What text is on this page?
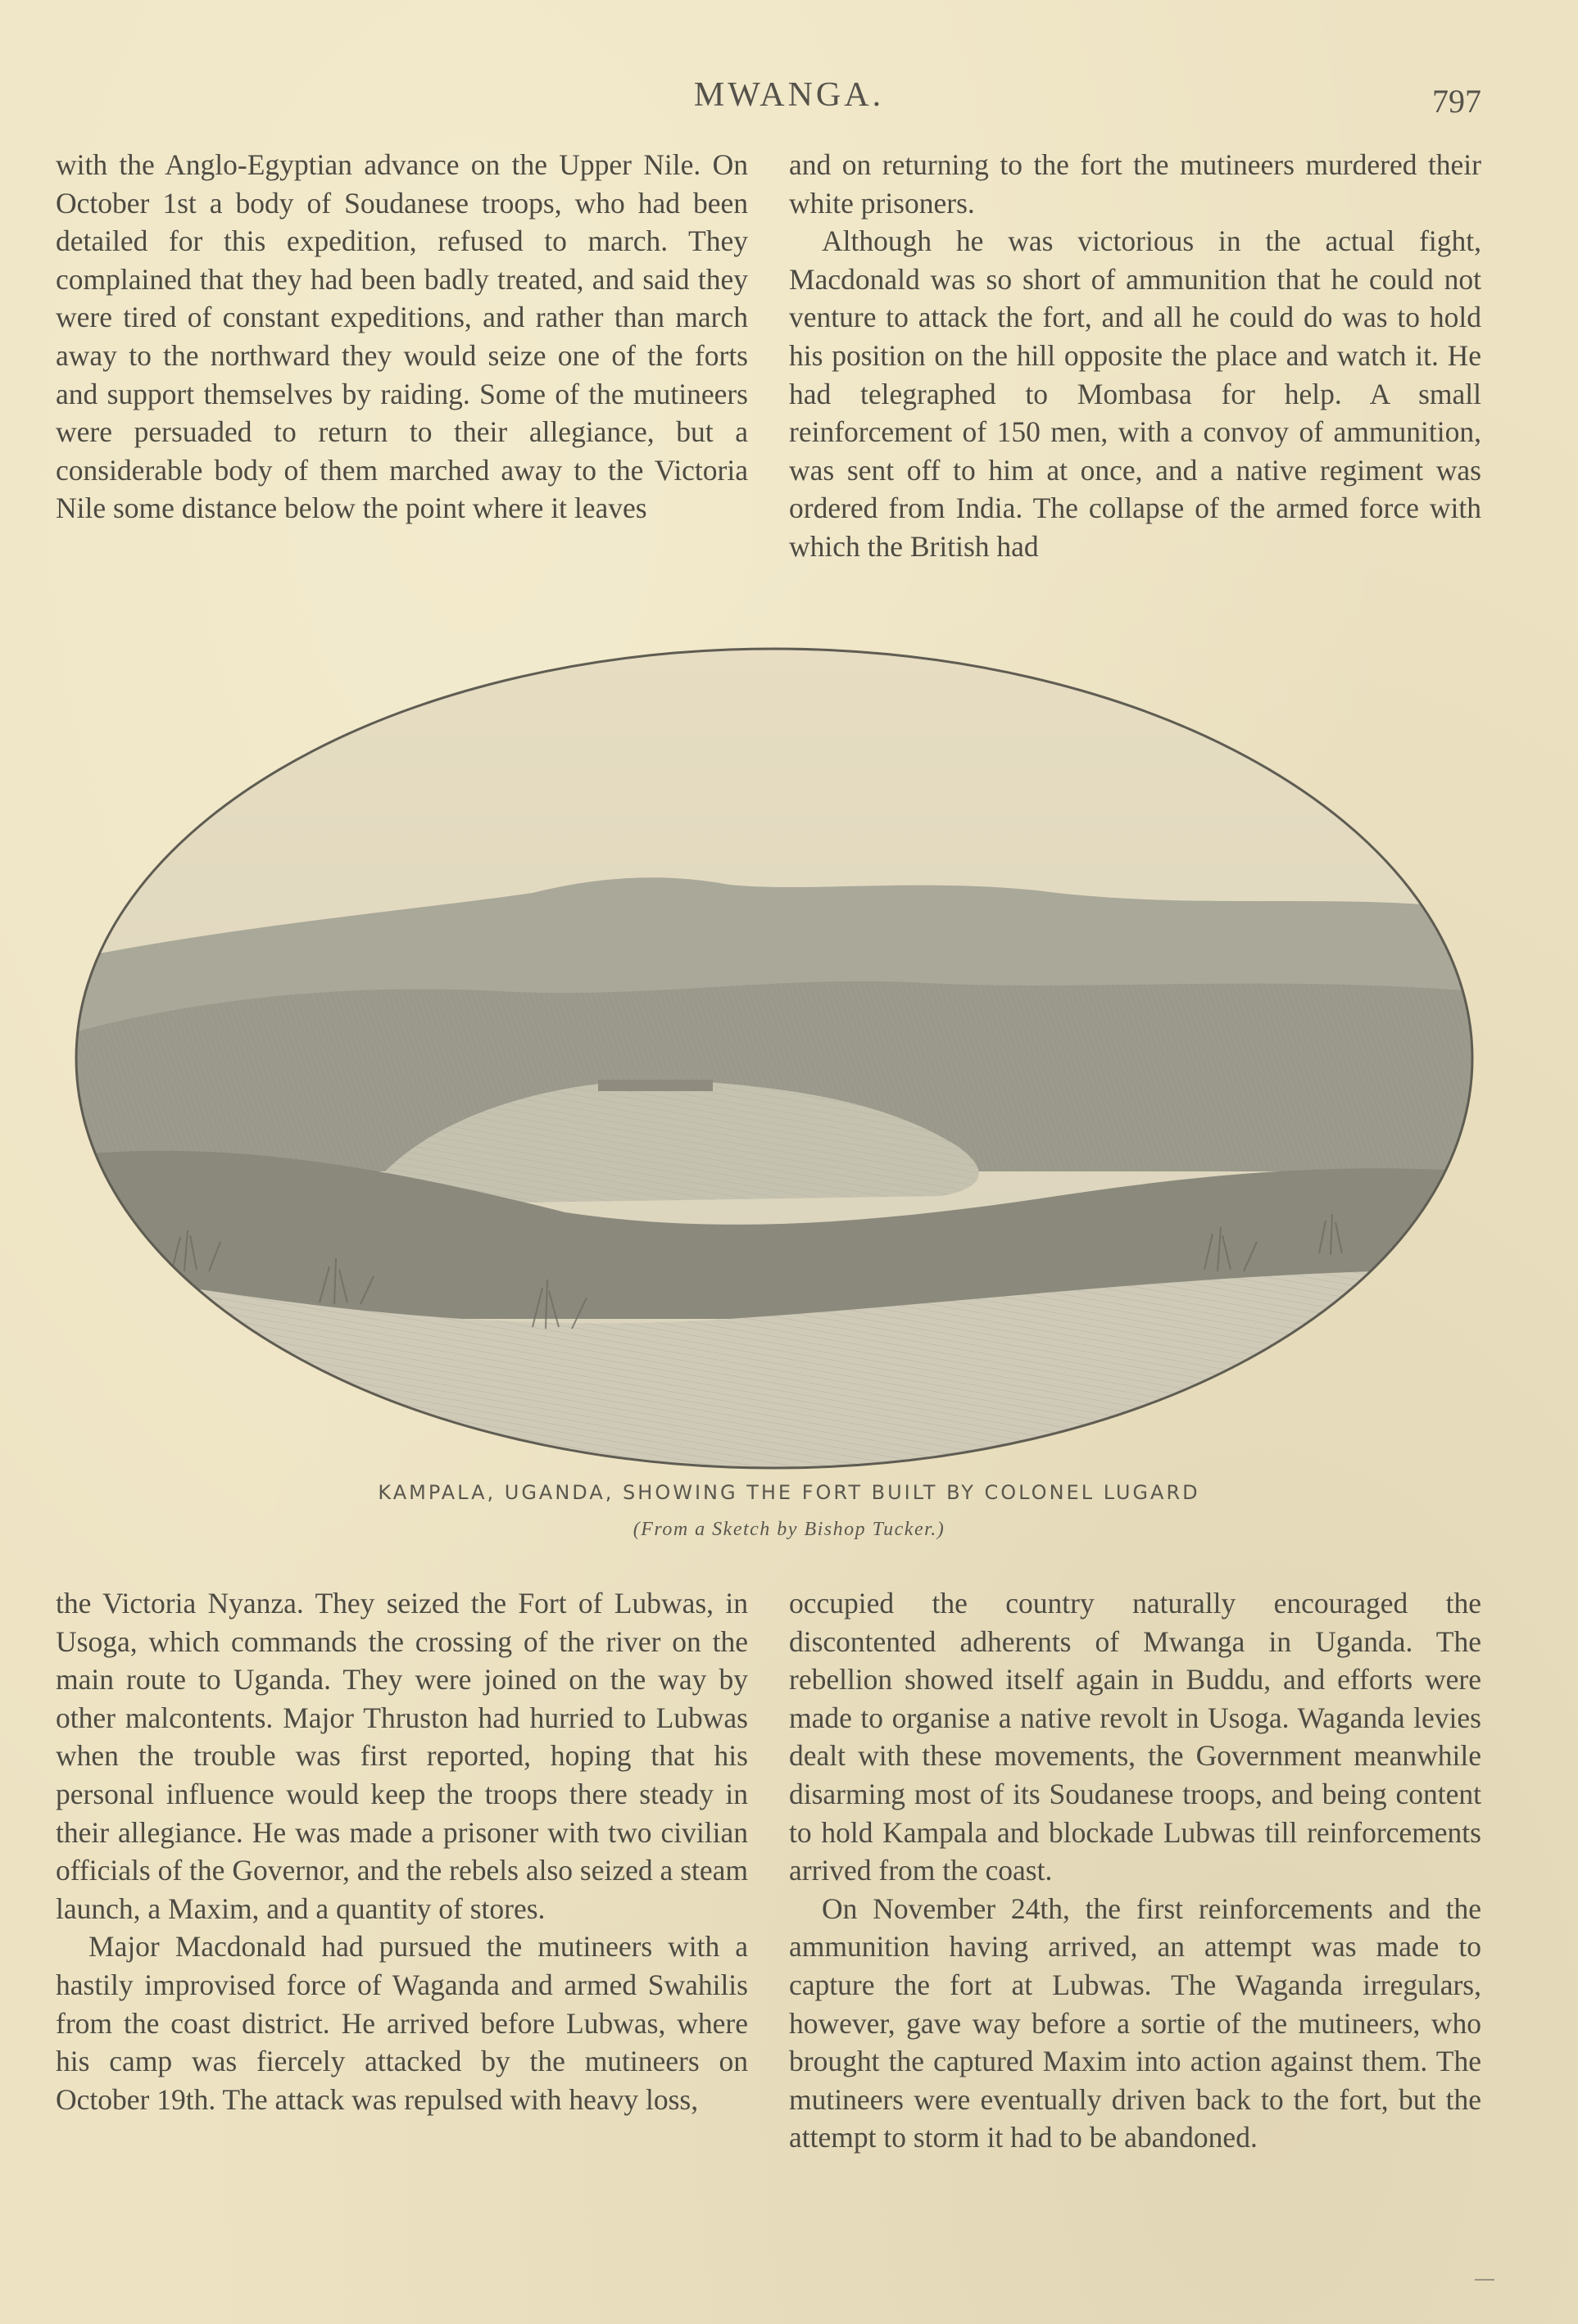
MWANGA.	797

with the Anglo-Egyptian advance on the Upper Nile. On October 1st a body of Soudanese troops, who had been detailed for this expedition, refused to march. They complained that they had been badly treated, and said they were tired of constant expeditions, and rather than march away to the northward they would seize one of the forts and support themselves by raiding. Some of the mutineers were persuaded to return to their allegiance, but a considerable body of them marched away to the Victoria Nile some distance below the point where it leaves

and on returning to the fort the mutineers murdered their white prisoners.

Although he was victorious in the actual fight, Macdonald was so short of ammunition that he could not venture to attack the fort, and all he could do was to hold his position on the hill opposite the place and watch it. He had telegraphed to Mombasa for help. A small reinforcement of 150 men, with a convoy of ammunition, was sent off to him at once, and a native regiment was ordered from India. The collapse of the armed force with which the British had

KAMPALA, UGANDA, SHOWING THE FORT BUILT BY COLONEL LUGARD
(From a Sketch by Bishop Tucker.)

the Victoria Nyanza. They seized the Fort of Lubwas, in Usoga, which commands the crossing of the river on the main route to Uganda. They were joined on the way by other malcontents. Major Thruston had hurried to Lubwas when the trouble was first reported, hoping that his personal influence would keep the troops there steady in their allegiance. He was made a prisoner with two civilian officials of the Governor, and the rebels also seized a steam launch, a Maxim, and a quantity of stores.

Major Macdonald had pursued the mutineers with a hastily improvised force of Waganda and armed Swahilis from the coast district. He arrived before Lubwas, where his camp was fiercely attacked by the mutineers on October 19th. The attack was repulsed with heavy loss,

occupied the country naturally encouraged the discontented adherents of Mwanga in Uganda. The rebellion showed itself again in Buddu, and efforts were made to organise a native revolt in Usoga. Waganda levies dealt with these movements, the Government meanwhile disarming most of its Soudanese troops, and being content to hold Kampala and blockade Lubwas till reinforcements arrived from the coast.

On November 24th, the first reinforcements and the ammunition having arrived, an attempt was made to capture the fort at Lubwas. The Waganda irregulars, however, gave way before a sortie of the mutineers, who brought the captured Maxim into action against them. The mutineers were eventually driven back to the fort, but the attempt to storm it had to be abandoned.
